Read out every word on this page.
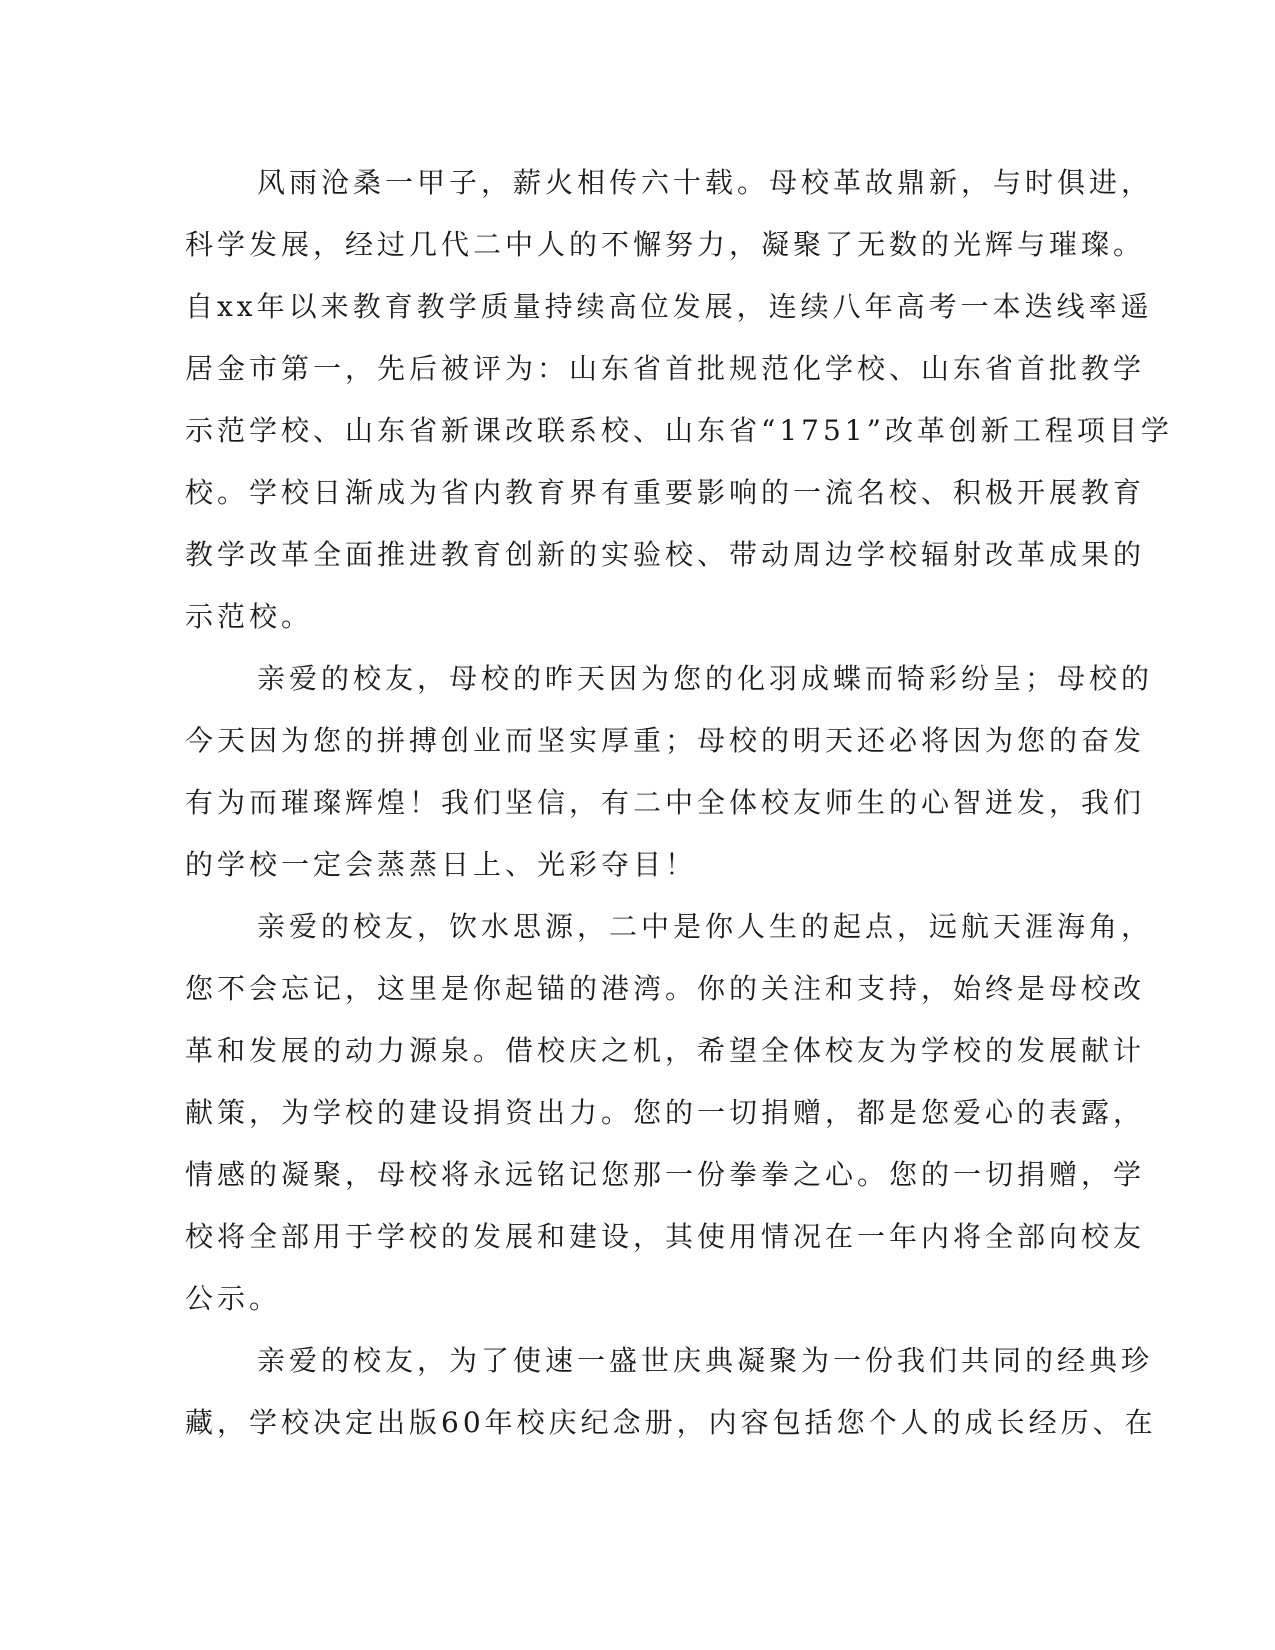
风雨沧桑一甲子，薪火相传六十载。母校革故鼎新，与时俱进，
科学发展，经过几代二中人的不懈努力，凝聚了无数的光辉与璀璨。
自xx年以来教育教学质量持续高位发展，连续八年高考一本迭线率遥
居金市第一，先后被评为：山东省首批规范化学校、山东省首批教学
示范学校、山东省新课改联系校、山东省“1751”改革创新工程项目学
校。学校日渐成为省内教育界有重要影响的一流名校、积极开展教育
教学改革全面推进教育创新的实验校、带动周边学校辐射改革成果的
示范校。
亲爱的校友，母校的昨天因为您的化羽成蝶而犄彩纷呈；母校的
今天因为您的拼搏创业而坚实厚重；母校的明天还必将因为您的奋发
有为而璀璨辉煌！我们坚信，有二中全体校友师生的心智迸发，我们
的学校一定会蒸蒸日上、光彩夺目！
亲爱的校友，饮水思源，二中是你人生的起点，远航天涯海角，
您不会忘记，这里是你起锚的港湾。你的关注和支持，始终是母校改
革和发展的动力源泉。借校庆之机，希望全体校友为学校的发展献计
献策，为学校的建设捐资出力。您的一切捐赠，都是您爱心的表露，
情感的凝聚，母校将永远铭记您那一份拳拳之心。您的一切捐赠，学
校将全部用于学校的发展和建设，其使用情况在一年内将全部向校友
公示。
亲爱的校友，为了使速一盛世庆典凝聚为一份我们共同的经典珍
藏，学校决定出版60年校庆纪念册，内容包括您个人的成长经历、在
